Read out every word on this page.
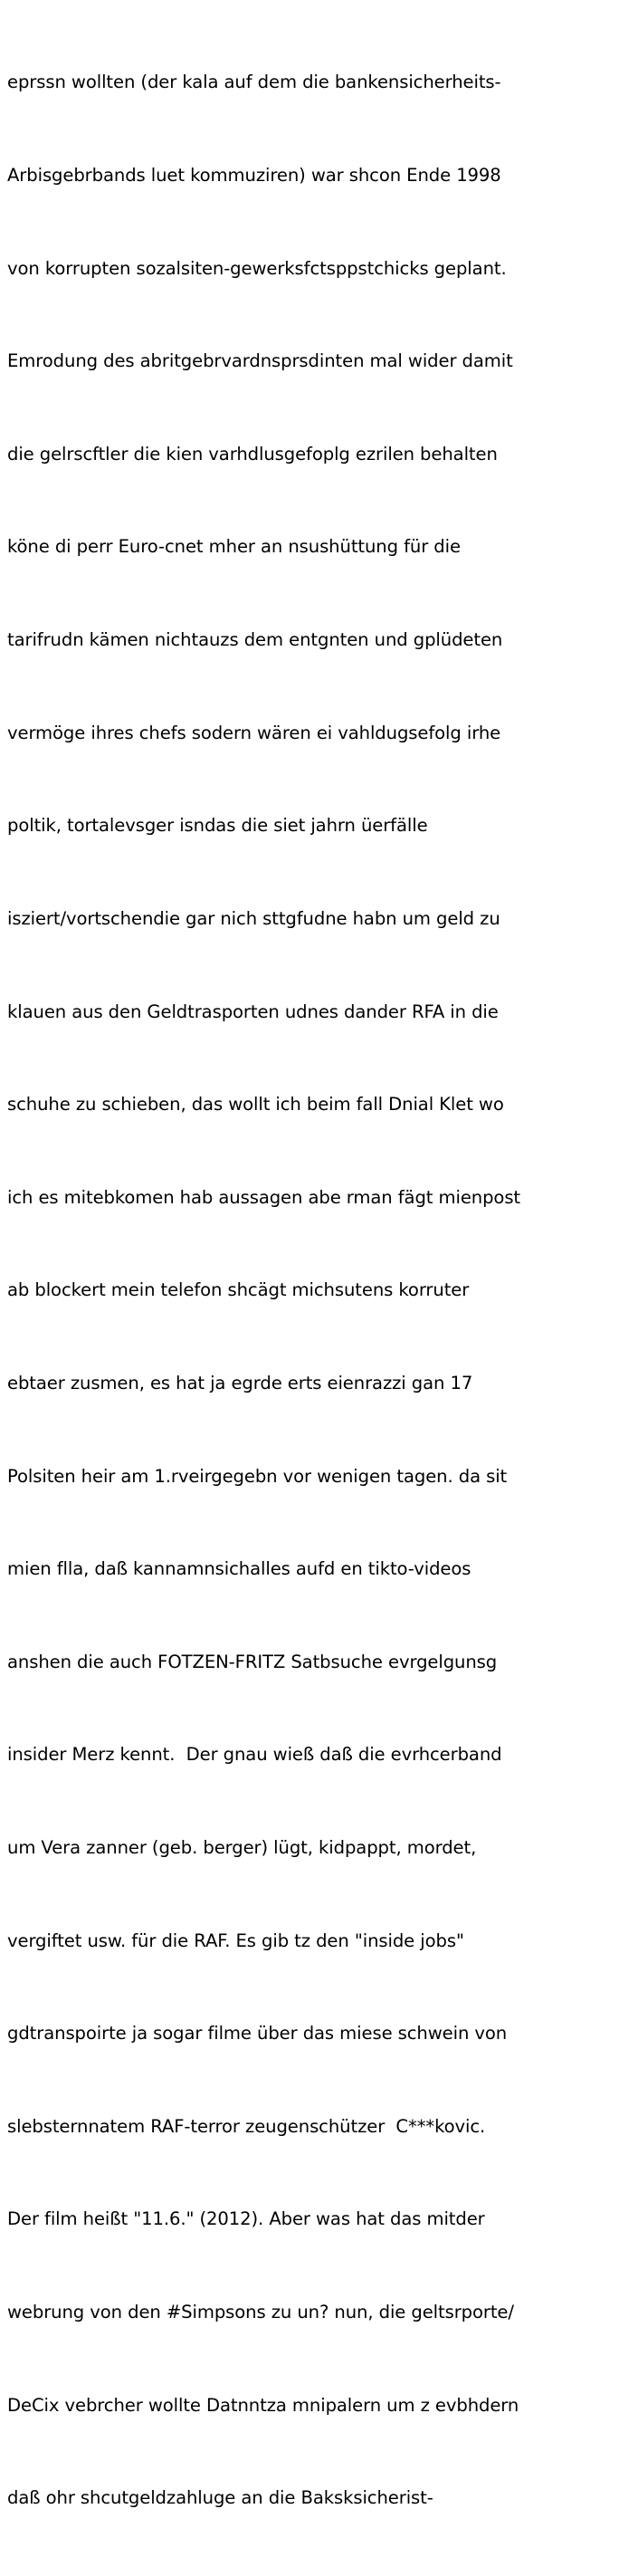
eprssn wollten (der kala auf dem die bankensicherheits-

Arbisgebrbands luet kommuziren) war shcon Ende 1998

von korrupten sozalsiten-gewerksfctsppstchicks geplant.

Emrodung des abritgebrvardnsprsdinten mal wider damit

die gelrscftler die kien varhdlusgefoplg ezrilen behalten

köne di perr Euro-cnet mher an nsushüttung für die

tarifrudn kämen nichtauzs dem entgnten und gplüdeten

vermöge ihres chefs sodern wären ei vahldugsefolg irhe

poltik, tortalevsger isndas die siet jahrn üerfälle

isziert/vortschendie gar nich sttgfudne habn um geld zu

klauen aus den Geldtrasporten udnes dander RFA in die

schuhe zu schieben, das wollt ich beim fall Dnial Klet wo

ich es mitebkomen hab aussagen abe rman fägt mienpost

ab blockert mein telefon shcägt michsutens korruter

ebtaer zusmen, es hat ja egrde erts eienrazzi gan 17

Polsiten heir am 1.rveirgegebn vor wenigen tagen. da sit

mien flla, daß kannamnsichalles aufd en tikto-videos

anshen die auch FOTZEN-FRITZ Satbsuche evrgelgunsg

insider Merz kennt.  Der gnau wieß daß die evrhcerband

um Vera zanner (geb. berger) lügt, kidpappt, mordet,

vergiftet usw. für die RAF. Es gib tz den "inside jobs"

gdtranspoirte ja sogar filme über das miese schwein von

slebsternnatem RAF-terror zeugenschützer  C***kovic.

Der film heißt "11.6." (2012). Aber was hat das mitder

webrung von den #Simpsons zu un? nun, die geltsrporte/

DeCix vebrcher wollte Datnntza mnipalern um z evbhdern

daß ohr shcutgeldzahluge an die Baksksicherist-
